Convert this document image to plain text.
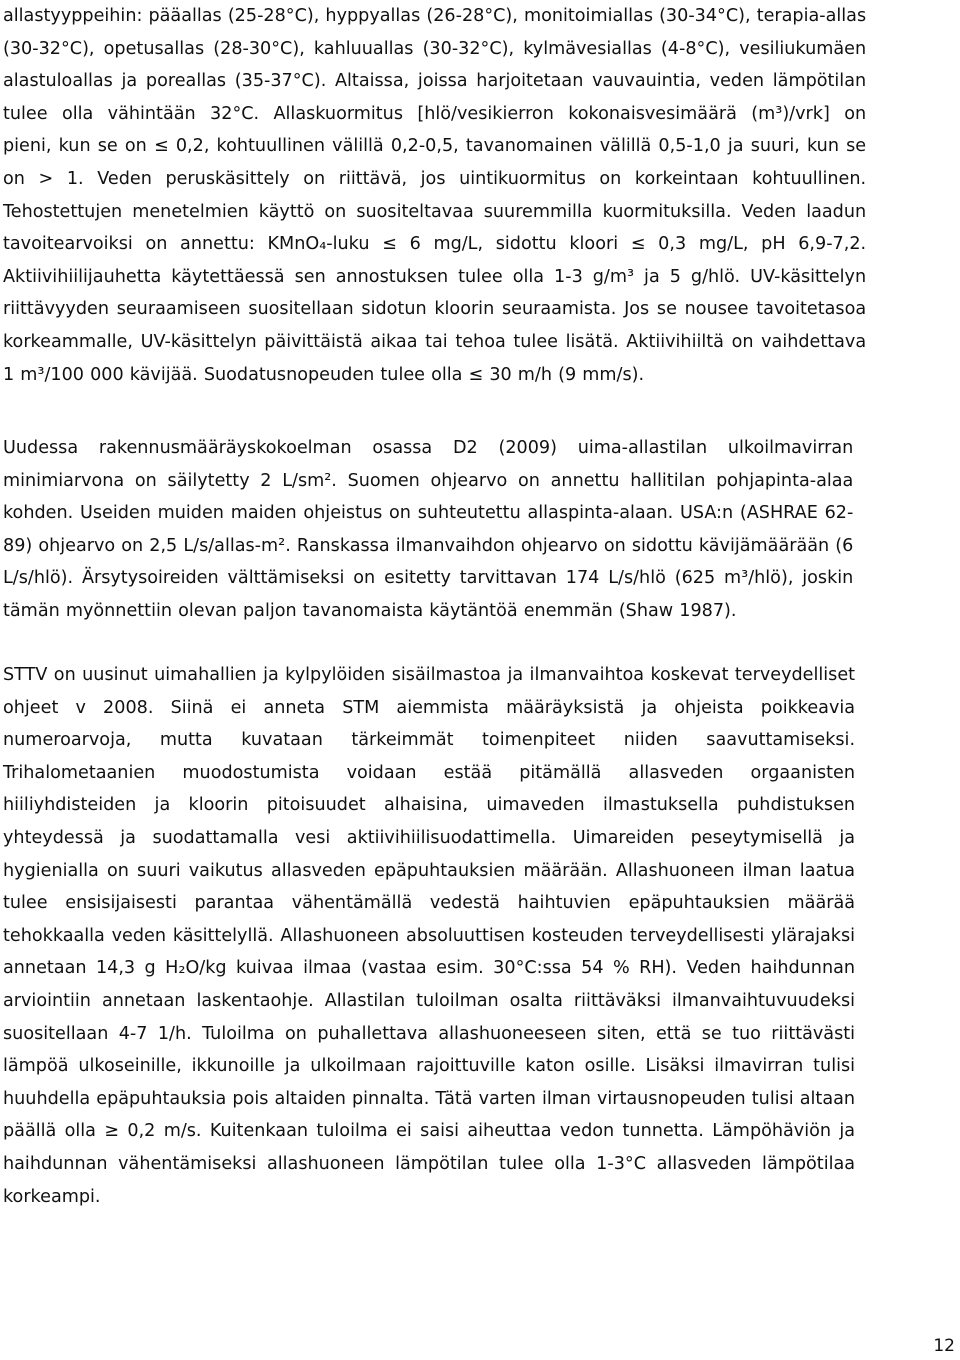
allastyyppeihin: pääallas (25-28°C), hyppyallas (26-28°C), monitoimiallas (30-34°C), terapia-allas
(30-32°C), opetusallas (28-30°C), kahluuallas (30-32°C), kylmävesiallas (4-8°C), vesiliukumäen
alastuloallas ja poreallas (35-37°C). Altaissa, joissa harjoitetaan vauvauintia, veden lämpötilan
tulee olla vähintään 32°C. Allaskuormitus [hlö/vesikierron kokonaisvesimäärä (m³)/vrk] on
pieni, kun se on ≤ 0,2, kohtuullinen välillä 0,2-0,5, tavanomainen välillä 0,5-1,0 ja suuri, kun se
on > 1. Veden peruskäsittely on riittävä, jos uintikuormitus on korkeintaan kohtuullinen.
Tehostettujen menetelmien käyttö on suositeltavaa suuremmilla kuormituksilla. Veden laadun
tavoitearvoiksi on annettu: KMnO₄-luku ≤ 6 mg/L, sidottu kloori ≤ 0,3 mg/L, pH 6,9-7,2.
Aktiivihiilijauhetta käytettäessä sen annostuksen tulee olla 1-3 g/m³ ja 5 g/hlö. UV-käsittelyn
riittävyyden seuraamiseen suositellaan sidotun kloorin seuraamista. Jos se nousee tavoitetasoa
korkeammalle, UV-käsittelyn päivittäistä aikaa tai tehoa tulee lisätä. Aktiivihiiltä on vaihdettava
1 m³/100 000 kävijää. Suodatusnopeuden tulee olla ≤ 30 m/h (9 mm/s).
Uudessa rakennusmääräyskokoelman osassa D2 (2009) uima-allastilan ulkoilmavirran
minimiarvona on säilytetty 2 L/sm². Suomen ohjearvo on annettu hallitilan pohjapinta-alaa
kohden. Useiden muiden maiden ohjeistus on suhteutettu allaspinta-alaan. USA:n (ASHRAE 62-
89) ohjearvo on 2,5 L/s/allas-m². Ranskassa ilmanvaihdon ohjearvo on sidottu kävijämäärään (6
L/s/hlö). Ärsytysoireiden välttämiseksi on esitetty tarvittavan 174 L/s/hlö (625 m³/hlö), joskin
tämän myönnettiin olevan paljon tavanomaista käytäntöä enemmän (Shaw 1987).
STTV on uusinut uimahallien ja kylpylöiden sisäilmastoa ja ilmanvaihtoa koskevat terveydelliset
ohjeet v 2008. Siinä ei anneta STM aiemmista määräyksistä ja ohjeista poikkeavia
numeroarvoja, mutta kuvataan tärkeimmät toimenpiteet niiden saavuttamiseksi.
Trihalometaanien muodostumista voidaan estää pitämällä allasveden orgaanisten
hiiliyhdisteiden ja kloorin pitoisuudet alhaisina, uimaveden ilmastuksella puhdistuksen
yhteydessä ja suodattamalla vesi aktiivihiilisuodattimella. Uimareiden peseytymisellä ja
hygienialla on suuri vaikutus allasveden epäpuhtauksien määrään. Allashuoneen ilman laatua
tulee ensisijaisesti parantaa vähentämällä vedestä haihtuvien epäpuhtauksien määrää
tehokkaalla veden käsittelyllä. Allashuoneen absoluuttisen kosteuden terveydellisesti ylärajaksi
annetaan 14,3 g H₂O/kg kuivaa ilmaa (vastaa esim. 30°C:ssa 54 % RH). Veden haihdunnan
arviointiin annetaan laskentaohje. Allastilan tuloilman osalta riittäväksi ilmanvaihtuvuudeksi
suositellaan 4-7 1/h. Tuloilma on puhallettava allashuoneeseen siten, että se tuo riittävästi
lämpöä ulkoseinille, ikkunoille ja ulkoilmaan rajoittuville katon osille. Lisäksi ilmavirran tulisi
huuhdella epäpuhtauksia pois altaiden pinnalta. Tätä varten ilman virtausnopeuden tulisi altaan
päällä olla ≥ 0,2 m/s. Kuitenkaan tuloilma ei saisi aiheuttaa vedon tunnetta. Lämpöhäviön ja
haihdunnan vähentämiseksi allashuoneen lämpötilan tulee olla 1-3°C allasveden lämpötilaa
korkeampi.
12
